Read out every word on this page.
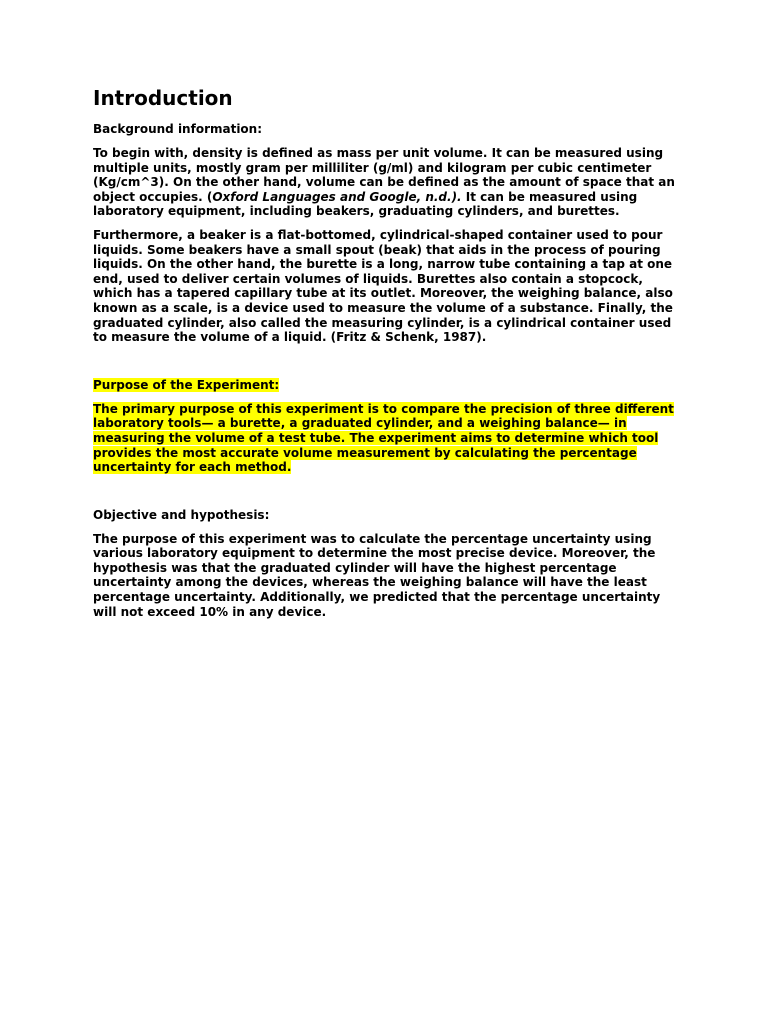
Introduction
Background information:

To begin with, density is defined as mass per unit volume. It can be measured using multiple units, mostly gram per milliliter (g/ml) and kilogram per cubic centimeter (Kg/cm^3). On the other hand, volume can be defined as the amount of space that an object occupies. (Oxford Languages and Google, n.d.). It can be measured using laboratory equipment, including beakers, graduating cylinders, and burettes.

Furthermore, a beaker is a flat-bottomed, cylindrical-shaped container used to pour liquids. Some beakers have a small spout (beak) that aids in the process of pouring liquids. On the other hand, the burette is a long, narrow tube containing a tap at one end, used to deliver certain volumes of liquids. Burettes also contain a stopcock, which has a tapered capillary tube at its outlet. Moreover, the weighing balance, also known as a scale, is a device used to measure the volume of a substance. Finally, the graduated cylinder, also called the measuring cylinder, is a cylindrical container used to measure the volume of a liquid. (Fritz & Schenk, 1987).

Purpose of the Experiment:

The primary purpose of this experiment is to compare the precision of three different laboratory tools— a burette, a graduated cylinder, and a weighing balance— in measuring the volume of a test tube. The experiment aims to determine which tool provides the most accurate volume measurement by calculating the percentage uncertainty for each method.

Objective and hypothesis:

The purpose of this experiment was to calculate the percentage uncertainty using various laboratory equipment to determine the most precise device. Moreover, the hypothesis was that the graduated cylinder will have the highest percentage uncertainty among the devices, whereas the weighing balance will have the least percentage uncertainty. Additionally, we predicted that the percentage uncertainty will not exceed 10% in any device.
